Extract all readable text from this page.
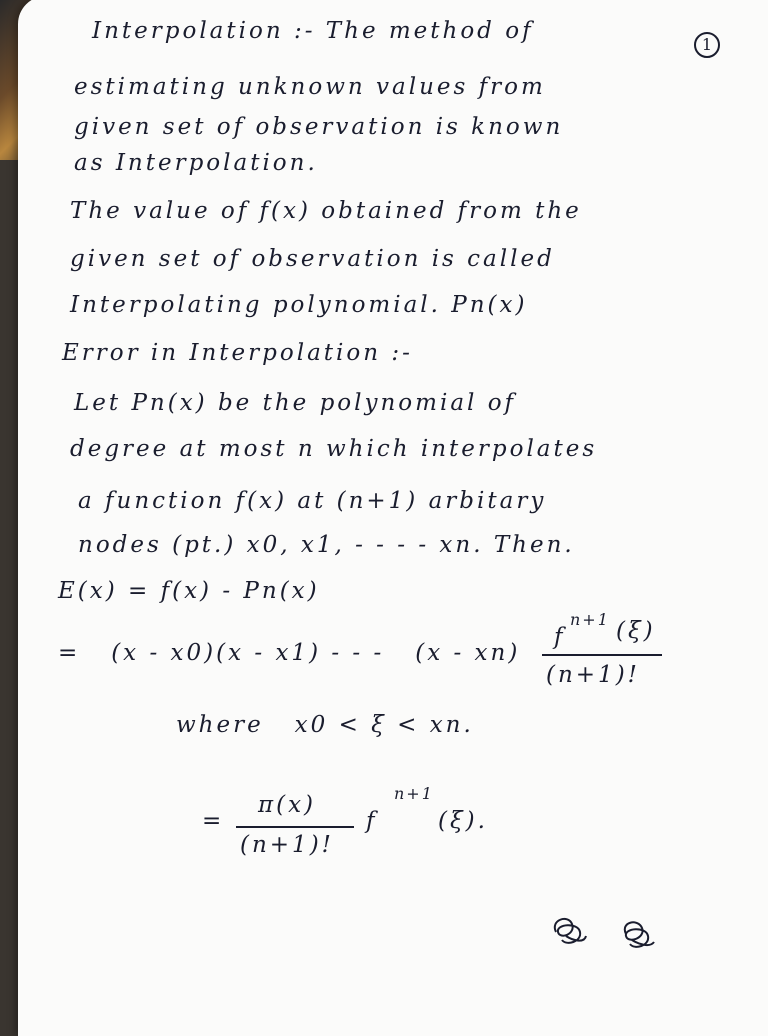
1
Interpolation :- The method of
estimating unknown values from
given set of observation is known
as Interpolation.
The value of f(x) obtained from the
given set of observation is called
Interpolating polynomial. Pn(x)
Error in Interpolation :-
Let Pn(x) be the polynomial of
degree at most n which interpolates
a function f(x) at (n+1) arbitary
nodes (pt.) x0, x1, - - - - xn. Then.
E(x) = f(x) - Pn(x)
=   (x - x0)(x - x1) - - -   (x - xn)
f
n+1 (ξ)
(n+1)!
where   x0 < ξ < xn.
=
π(x)
(n+1)!
f
n+1
(ξ).
